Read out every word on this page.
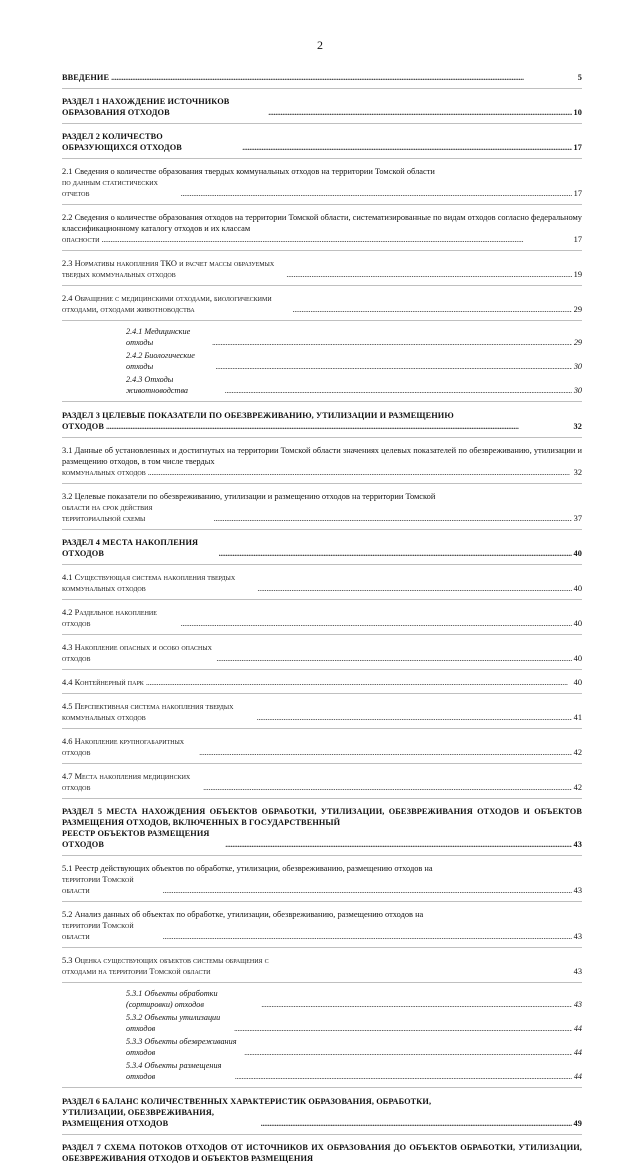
2
ВВЕДЕНИЕ . . .	5
РАЗДЕЛ 1 НАХОЖДЕНИЕ ИСТОЧНИКОВ ОБРАЗОВАНИЯ ОТХОДОВ . . .	10
РАЗДЕЛ 2 КОЛИЧЕСТВО ОБРАЗУЮЩИХСЯ ОТХОДОВ . . .	17
2.1 Сведения о количестве образования твердых коммунальных отходов на территории Томской области
по данным статистических отчетов . . .	17
2.2 Сведения о количестве образования отходов на территории Томской области, систематизированные по видам отходов согласно федеральному классификационному каталогу отходов и их классам
опасности . . .	17
2.3 Нормативы накопления ТКО и расчет массы образуемых твердых коммунальных отходов . . .	19
2.4 Обращение с медицинскими отходами, биологическими отходами, отходами животноводства . . .	29
2.4.1 Медицинские отходы . . .	29
2.4.2 Биологические отходы . . .	30
2.4.3 Отходы животноводства . . .	30
РАЗДЕЛ 3 ЦЕЛЕВЫЕ ПОКАЗАТЕЛИ ПО ОБЕЗВРЕЖИВАНИЮ, УТИЛИЗАЦИИ И РАЗМЕЩЕНИЮ
ОТХОДОВ . . .	32
3.1 Данные об установленных и достигнутых на территории Томской области значениях целевых показателей по обезвреживанию, утилизации и размещению отходов, в том числе твердых
коммунальных отходов . . .	32
3.2 Целевые показатели по обезвреживанию, утилизации и размещению отходов на территории Томской
области на срок действия территориальной схемы . . .	37
РАЗДЕЛ 4 МЕСТА НАКОПЛЕНИЯ ОТХОДОВ . . .	40
4.1 Существующая система накопления твердых коммунальных отходов . . .	40
4.2 Раздельное накопление отходов . . .	40
4.3 Накопление опасных и особо опасных отходов . . .	40
4.4 Контейнерный парк . . .	40
4.5 Перспективная система накопления твердых коммунальных отходов . . .	41
4.6 Накопление крупногабаритных отходов . . .	42
4.7 Места накопления медицинских отходов . . .	42
РАЗДЕЛ 5 МЕСТА НАХОЖДЕНИЯ ОБЪЕКТОВ ОБРАБОТКИ, УТИЛИЗАЦИИ, ОБЕЗВРЕЖИВАНИЯ ОТХОДОВ И ОБЪЕКТОВ РАЗМЕЩЕНИЯ ОТХОДОВ, ВКЛЮЧЕННЫХ В ГОСУДАРСТВЕННЫЙ
РЕЕСТР ОБЪЕКТОВ РАЗМЕЩЕНИЯ ОТХОДОВ . . .	43
5.1 Реестр действующих объектов по обработке, утилизации, обезвреживанию, размещению отходов на
территории Томской области . . .	43
5.2 Анализ данных об объектах по обработке, утилизации, обезвреживанию, размещению отходов на
территории Томской области . . .	43
5.3 Оценка существующих объектов системы обращения с отходами на территории Томской области	43
5.3.1 Объекты обработки (сортировки) отходов . . .	43
5.3.2 Объекты утилизации отходов . . .	44
5.3.3 Объекты обезвреживания отходов . . .	44
5.3.4 Объекты размещения отходов . . .	44
РАЗДЕЛ 6 БАЛАНС КОЛИЧЕСТВЕННЫХ ХАРАКТЕРИСТИК ОБРАЗОВАНИЯ, ОБРАБОТКИ,
УТИЛИЗАЦИИ, ОБЕЗВРЕЖИВАНИЯ, РАЗМЕЩЕНИЯ ОТХОДОВ . . .	49
РАЗДЕЛ 7 СХЕМА ПОТОКОВ ОТХОДОВ ОТ ИСТОЧНИКОВ ИХ ОБРАЗОВАНИЯ ДО ОБЪЕКТОВ ОБРАБОТКИ, УТИЛИЗАЦИИ, ОБЕЗВРЕЖИВАНИЯ ОТХОДОВ И ОБЪЕКТОВ РАЗМЕЩЕНИЯ
